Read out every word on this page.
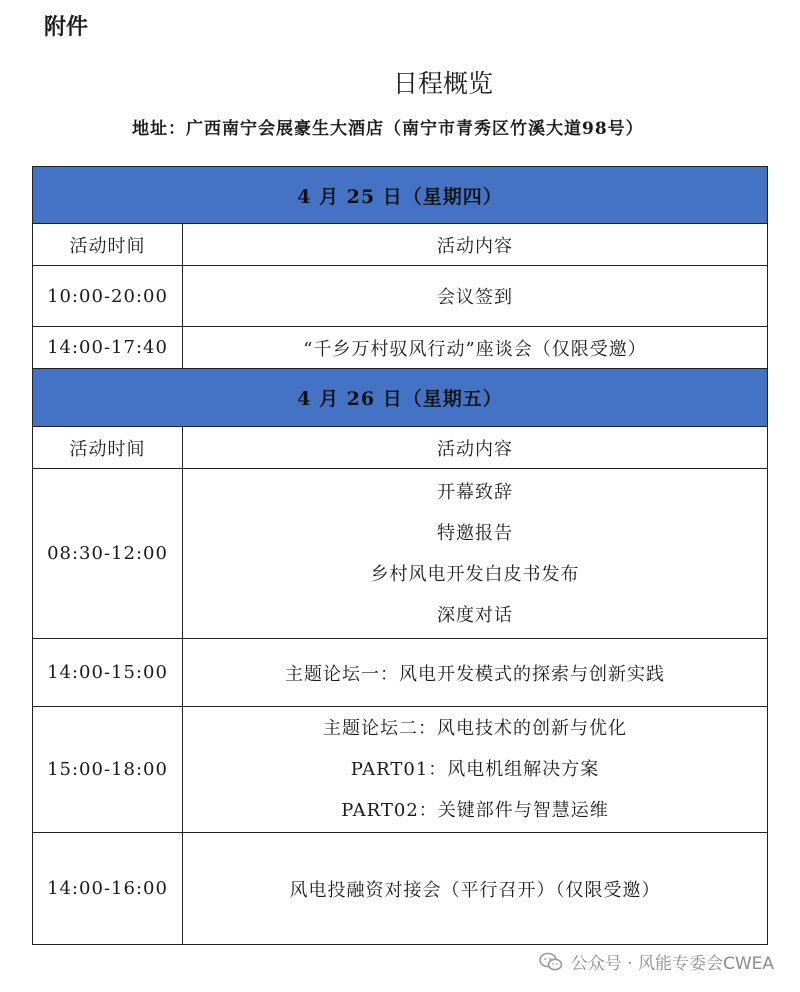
附件
日程概览
地址：广西南宁会展豪生大酒店（南宁市青秀区竹溪大道98号）
4 月 25 日（星期四）	
活动时间	活动内容
10:00-20:00	会议签到

14:00-17:40	“千乡万村驭风行动”座谈会（仅限受邀）

4 月 26 日（星期五）	
活动时间	活动内容
08:30-12:00	开幕致辞
特邀报告
乡村风电开发白皮书发布
深度对话

14:00-15:00	主题论坛一：风电开发模式的探索与创新实践

15:00-18:00	主题论坛二：风电技术的创新与优化
PART01：风电机组解决方案
PART02：关键部件与智慧运维

14:00-16:00	风电投融资对接会（平行召开）（仅限受邀）
公众号 · 风能专委会CWEA
